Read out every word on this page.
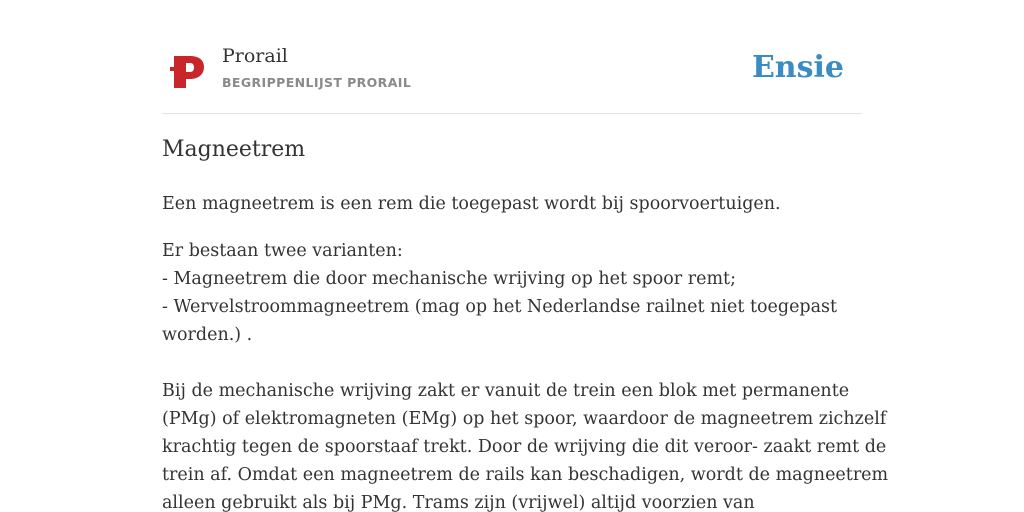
Prorail
BEGRIPPENLIJST PRORAIL	Ensie
Magneetrem

Een magneetrem is een rem die toegepast wordt bij spoorvoertuigen.

Er bestaan twee varianten:
- Magneetrem die door mechanische wrijving op het spoor remt;
- Wervelstroommagneetrem (mag op het Nederlandse railnet niet toegepast
worden.) .
Bij de mechanische wrijving zakt er vanuit de trein een blok met permanente
(PMg) of elektromagneten (EMg) op het spoor, waardoor de magneetrem zichzelf
krachtig tegen de spoorstaaf trekt. Door de wrijving die dit veroor- zaakt remt de
trein af. Omdat een magneetrem de rails kan beschadigen, wordt de magneetrem
alleen gebruikt als bij PMg. Trams zijn (vrijwel) altijd voorzien van
